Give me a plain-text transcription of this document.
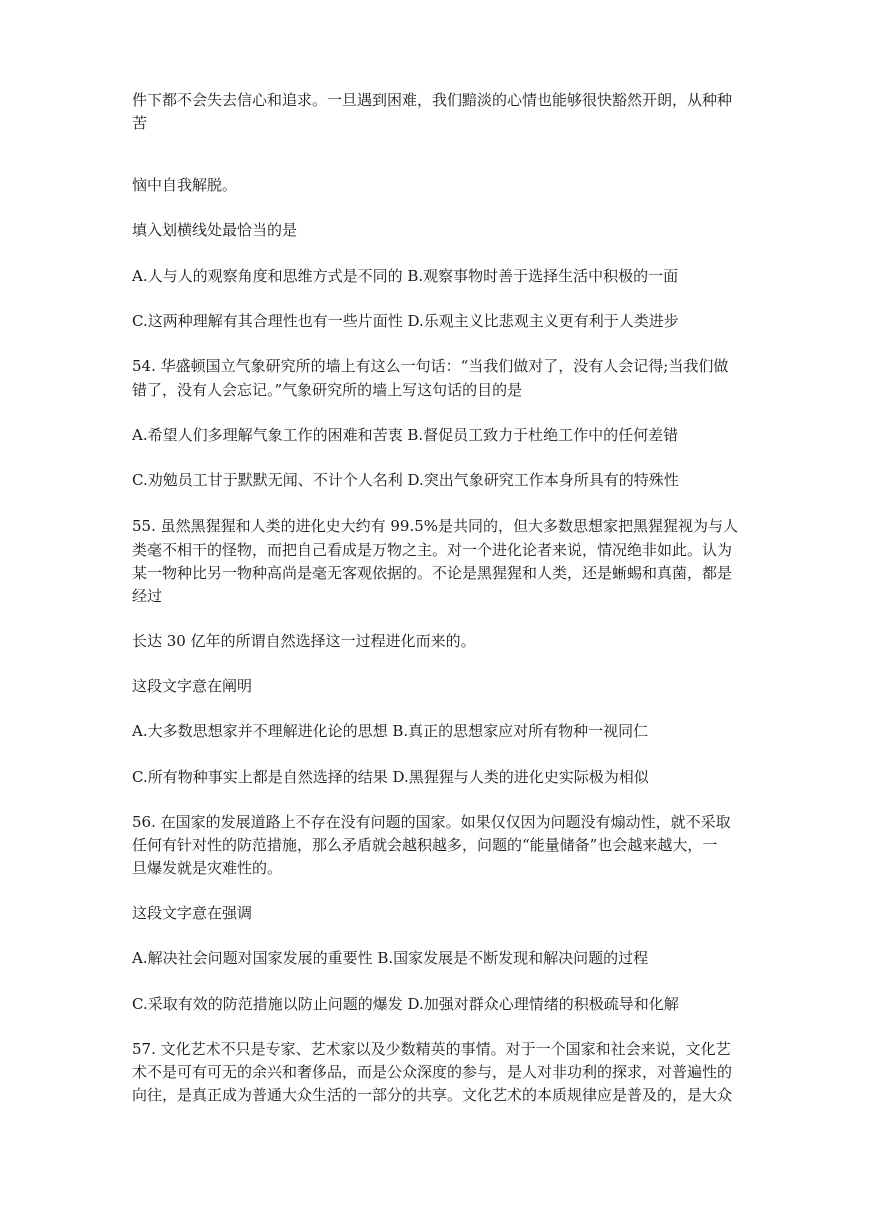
件下都不会失去信心和追求。一旦遇到困难，我们黯淡的心情也能够很快豁然开朗，从种种
苦
恼中自我解脱。
填入划横线处最恰当的是
A.人与人的观察角度和思维方式是不同的 B.观察事物时善于选择生活中积极的一面
C.这两种理解有其合理性也有一些片面性 D.乐观主义比悲观主义更有利于人类进步
54. 华盛顿国立气象研究所的墙上有这么一句话：“当我们做对了，没有人会记得;当我们做
错了，没有人会忘记。”气象研究所的墙上写这句话的目的是
A.希望人们多理解气象工作的困难和苦衷 B.督促员工致力于杜绝工作中的任何差错
C.劝勉员工甘于默默无闻、不计个人名利 D.突出气象研究工作本身所具有的特殊性
55. 虽然黑猩猩和人类的进化史大约有 99.5%是共同的，但大多数思想家把黑猩猩视为与人
类毫不相干的怪物，而把自己看成是万物之主。对一个进化论者来说，情况绝非如此。认为
某一物种比另一物种高尚是毫无客观依据的。不论是黑猩猩和人类，还是蜥蜴和真菌，都是
经过
长达 30 亿年的所谓自然选择这一过程进化而来的。
这段文字意在阐明
A.大多数思想家并不理解进化论的思想 B.真正的思想家应对所有物种一视同仁
C.所有物种事实上都是自然选择的结果 D.黑猩猩与人类的进化史实际极为相似
56. 在国家的发展道路上不存在没有问题的国家。如果仅仅因为问题没有煽动性，就不采取
任何有针对性的防范措施，那么矛盾就会越积越多，问题的“能量储备”也会越来越大，一
旦爆发就是灾难性的。
这段文字意在强调
A.解决社会问题对国家发展的重要性 B.国家发展是不断发现和解决问题的过程
C.采取有效的防范措施以防止问题的爆发 D.加强对群众心理情绪的积极疏导和化解
57. 文化艺术不只是专家、艺术家以及少数精英的事情。对于一个国家和社会来说，文化艺
术不是可有可无的余兴和奢侈品，而是公众深度的参与，是人对非功利的探求，对普遍性的
向往，是真正成为普通大众生活的一部分的共享。文化艺术的本质规律应是普及的，是大众
